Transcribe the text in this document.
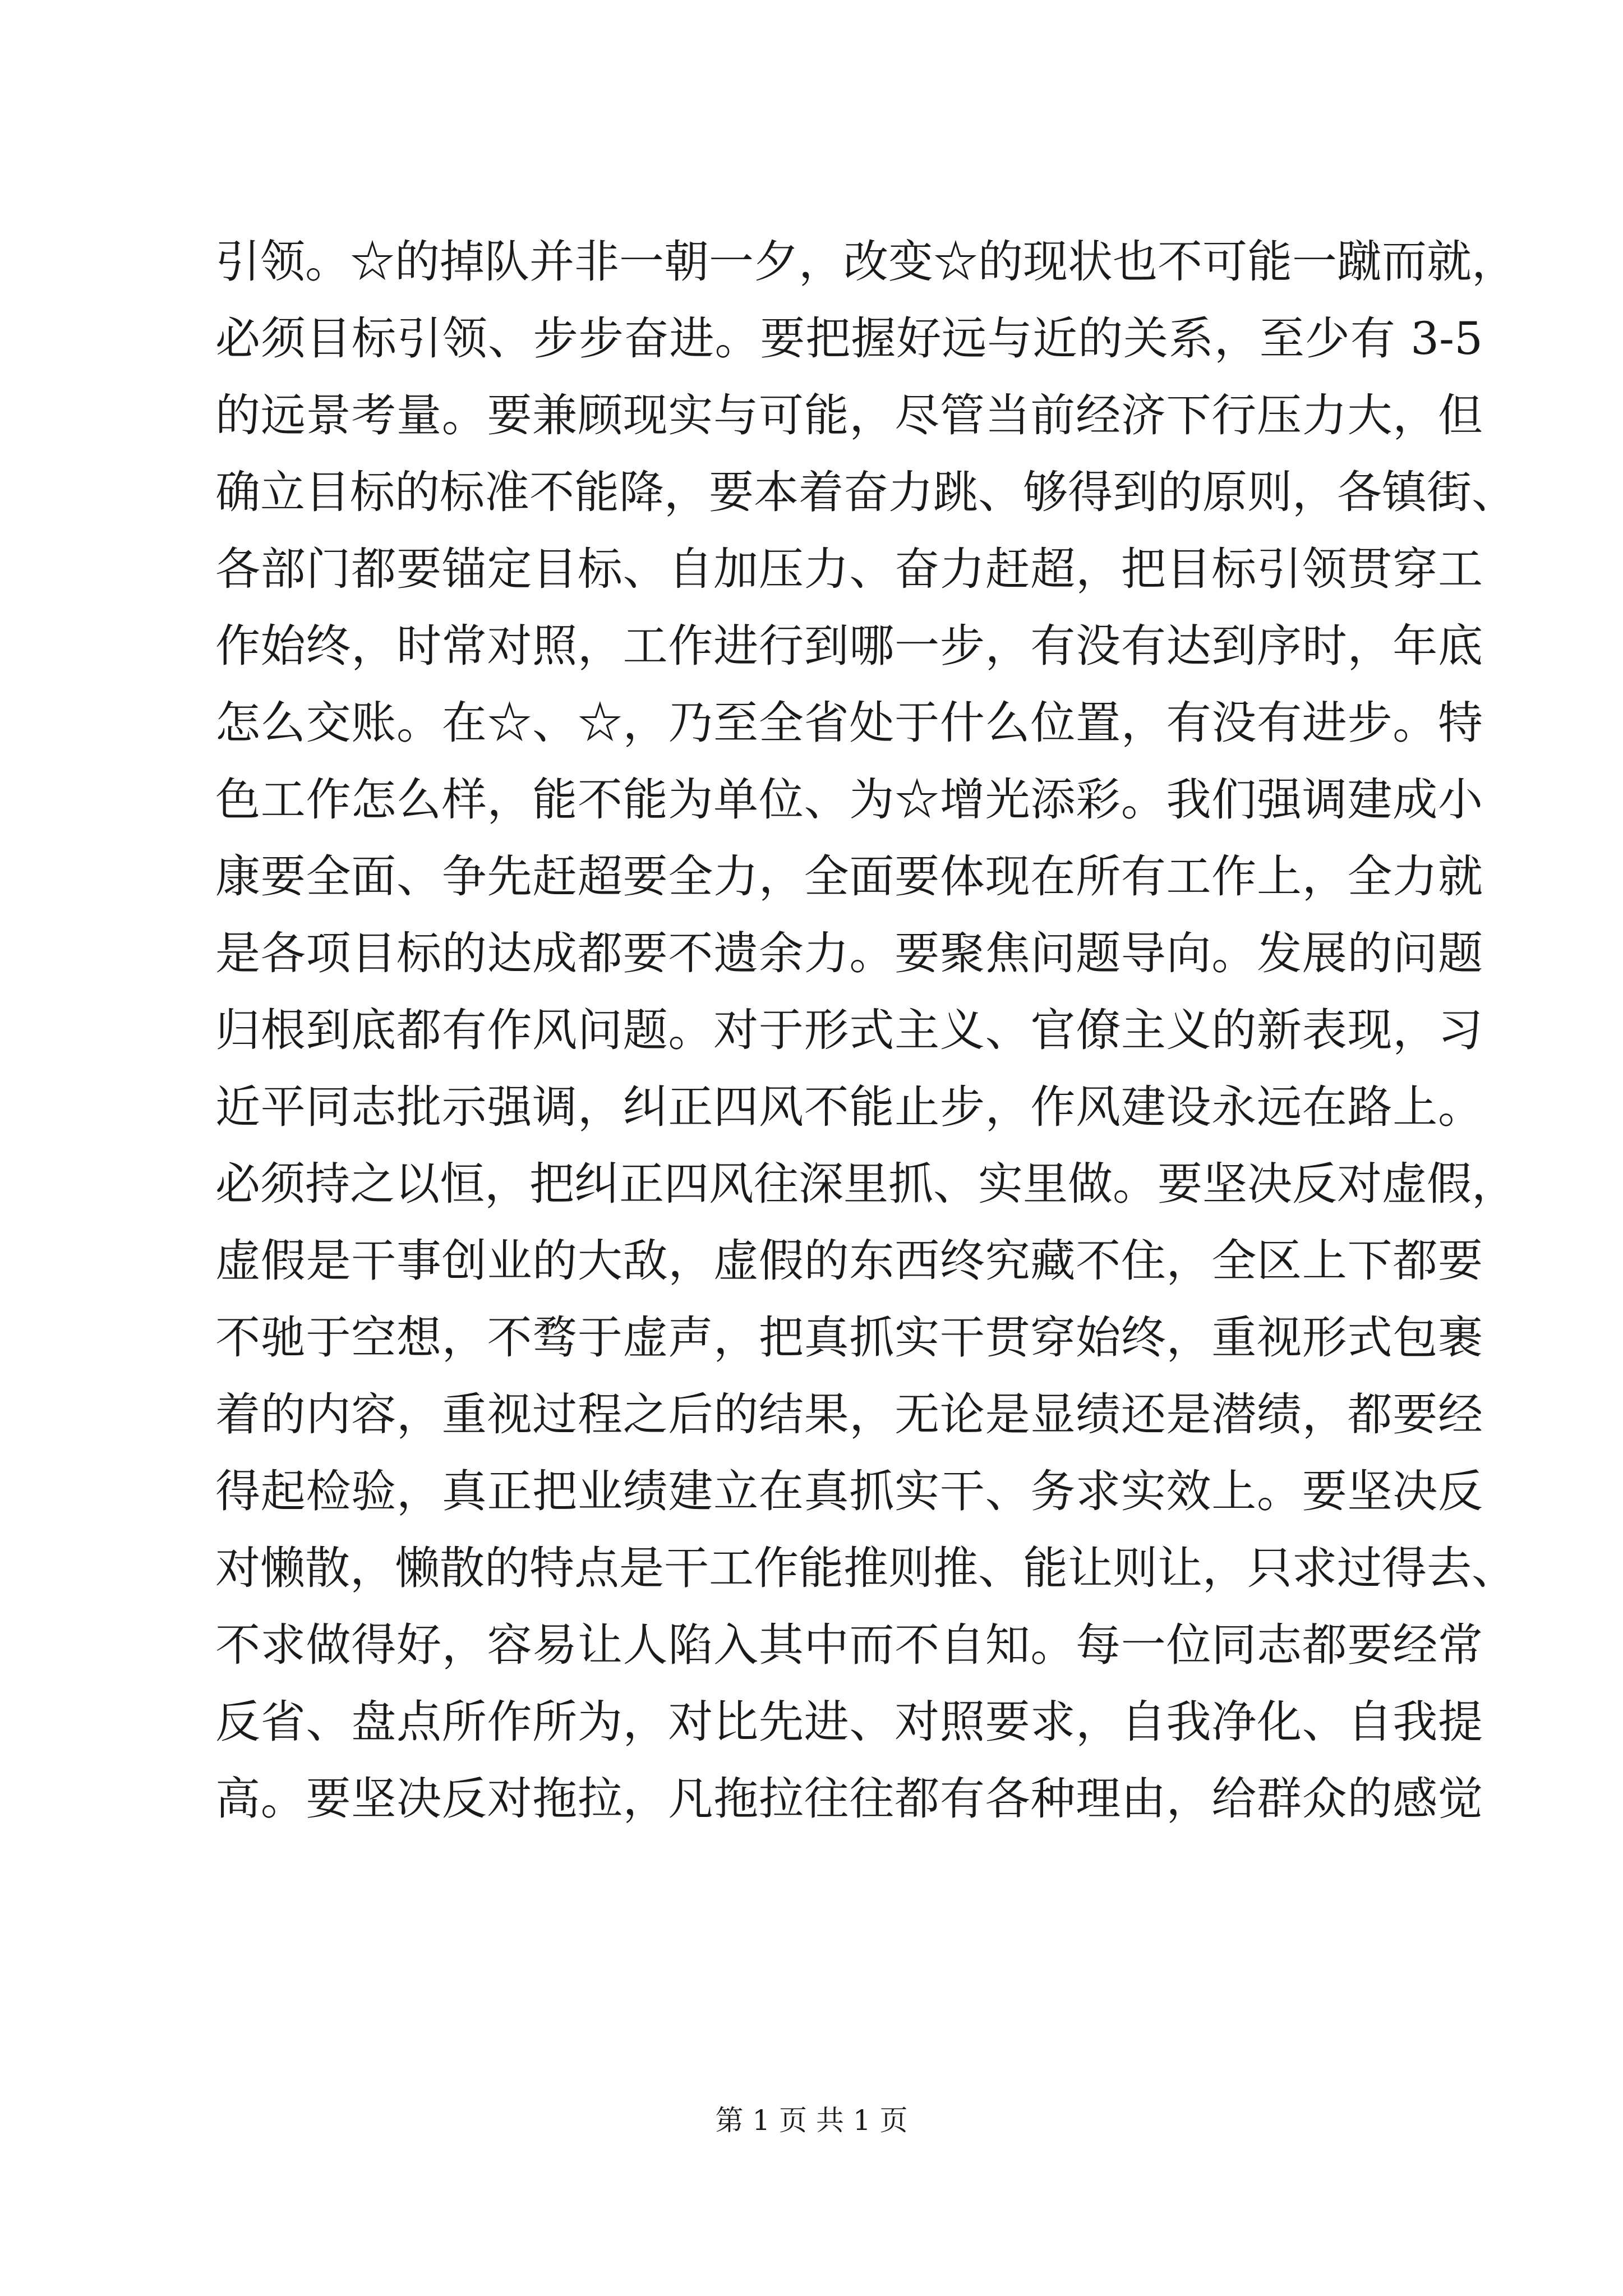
引领。☆的掉队并非一朝一夕，改变☆的现状也不可能一蹴而就，
必须目标引领、步步奋进。要把握好远与近的关系，至少有 3-5
的远景考量。要兼顾现实与可能，尽管当前经济下行压力大，但
确立目标的标准不能降，要本着奋力跳、够得到的原则，各镇街、
各部门都要锚定目标、自加压力、奋力赶超，把目标引领贯穿工
作始终，时常对照，工作进行到哪一步，有没有达到序时，年底
怎么交账。在☆、☆，乃至全省处于什么位置，有没有进步。特
色工作怎么样，能不能为单位、为☆增光添彩。我们强调建成小
康要全面、争先赶超要全力，全面要体现在所有工作上，全力就
是各项目标的达成都要不遗余力。要聚焦问题导向。发展的问题
归根到底都有作风问题。对于形式主义、官僚主义的新表现，习
近平同志批示强调，纠正四风不能止步，作风建设永远在路上。
必须持之以恒，把纠正四风往深里抓、实里做。要坚决反对虚假，
虚假是干事创业的大敌，虚假的东西终究藏不住，全区上下都要
不驰于空想，不骛于虚声，把真抓实干贯穿始终，重视形式包裹
着的内容，重视过程之后的结果，无论是显绩还是潜绩，都要经
得起检验，真正把业绩建立在真抓实干、务求实效上。要坚决反
对懒散，懒散的特点是干工作能推则推、能让则让，只求过得去、
不求做得好，容易让人陷入其中而不自知。每一位同志都要经常
反省、盘点所作所为，对比先进、对照要求，自我净化、自我提
高。要坚决反对拖拉，凡拖拉往往都有各种理由，给群众的感觉
第 1 页 共 1 页
